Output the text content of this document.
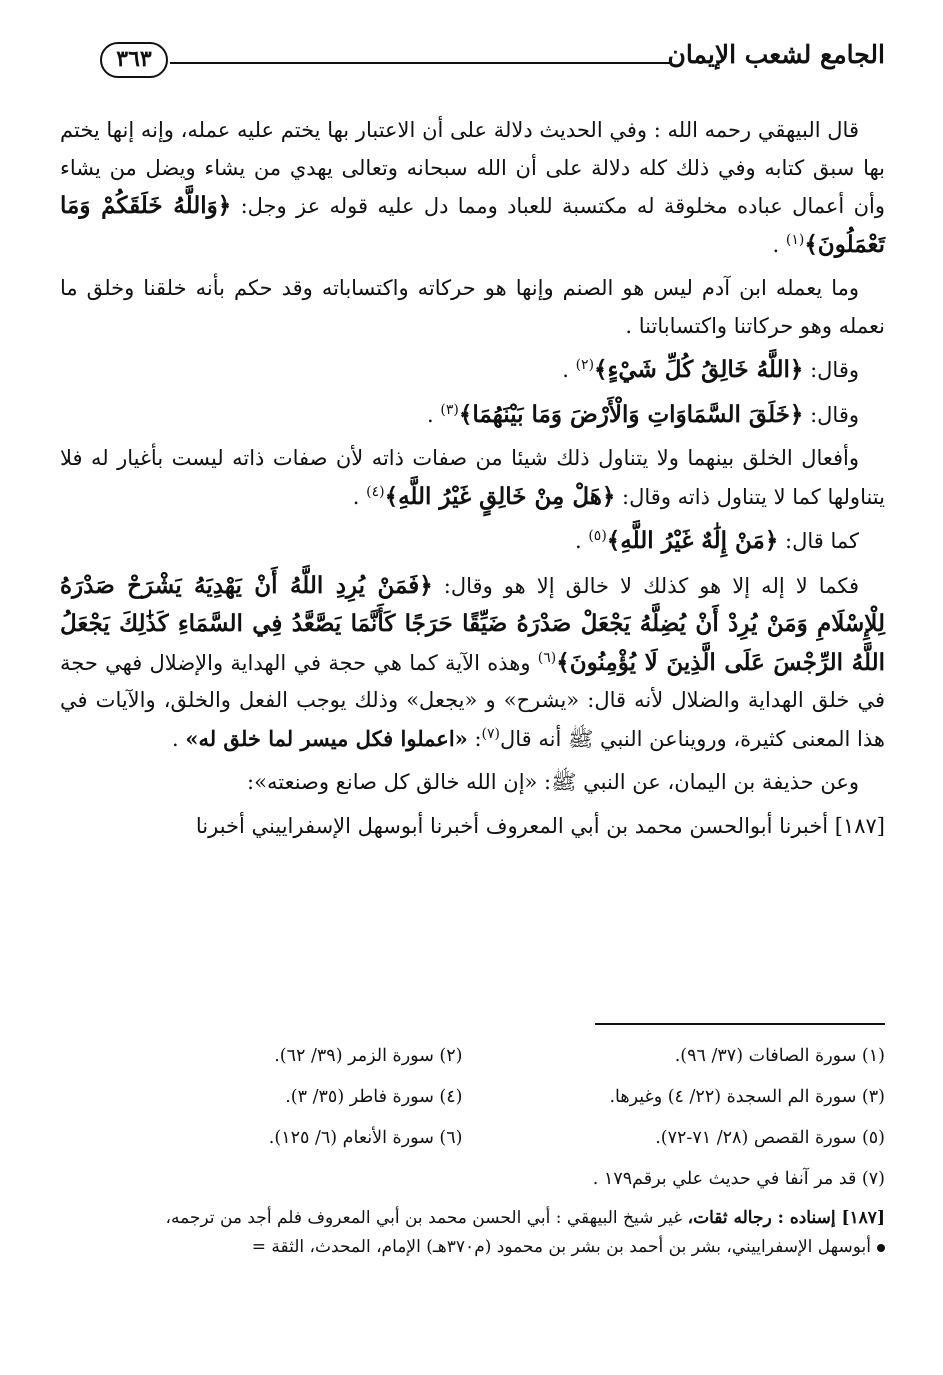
الجامع لشعب الإيمان
٣٦٣

قال البيهقي رحمه الله : وفي الحديث دلالة على أن الاعتبار بها يختم عليه عمله، وإنه إنها يختم بها سبق كتابه وفي ذلك كله دلالة على أن الله سبحانه وتعالى يهدي من يشاء ويضل من يشاء وأن أعمال عباده مخلوقة له مكتسبة للعباد ومما دل عليه قوله عز وجل: ﴿وَاللَّهُ خَلَقَكُمْ وَمَا تَعْمَلُونَ﴾$^{(١)}$ .

وما يعمله ابن آدم ليس هو الصنم وإنها هو حركاته واكتساباته وقد حكم بأنه خلقنا وخلق ما نعمله وهو حركاتنا واكتساباتنا .

وقال: ﴿اللَّهُ خَالِقُ كُلِّ شَيْءٍ﴾$^{(٢)}$ .

وقال: ﴿خَلَقَ السَّمَاوَاتِ وَالْأَرْضَ وَمَا بَيْنَهُمَا﴾$^{(٣)}$ .

وأفعال الخلق بينهما ولا يتناول ذلك شيئا من صفات ذاته لأن صفات ذاته ليست بأغيار له فلا يتناولها كما لا يتناول ذاته وقال: ﴿هَلْ مِنْ خَالِقٍ غَيْرُ اللَّهِ﴾$^{(٤)}$ .

كما قال: ﴿مَنْ إِلَٰهٌ غَيْرُ اللَّهِ﴾$^{(٥)}$ .

فكما لا إله إلا هو كذلك لا خالق إلا هو وقال: ﴿فَمَنْ يُرِدِ اللَّهُ أَنْ يَهْدِيَهُ يَشْرَحْ صَدْرَهُ لِلْإِسْلَامِ وَمَنْ يُرِدْ أَنْ يُضِلَّهُ يَجْعَلْ صَدْرَهُ ضَيِّقًا حَرَجًا كَأَنَّمَا يَصَّعَّدُ فِي السَّمَاءِ كَذَٰلِكَ يَجْعَلُ اللَّهُ الرِّجْسَ عَلَى الَّذِينَ لَا يُؤْمِنُونَ﴾$^{(٦)}$ وهذه الآية كما هي حجة في الهداية والإضلال فهي حجة في خلق الهداية والضلال لأنه قال: «يشرح» و «يجعل» وذلك يوجب الفعل والخلق، والآيات في هذا المعنى كثيرة، ورويناعن النبي ﷺ أنه قال$^{(٧)}$: «اعملوا فكل ميسر لما خلق له» .

وعن حذيفة بن اليمان، عن النبي ﷺ: «إن الله خالق كل صانع وصنعته»:

[١٨٧] أخبرنا أبوالحسن محمد بن أبي المعروف أخبرنا أبوسهل الإسفراييني أخبرنا

(١) سورة الصافات (٣٧/ ٩٦).
(٢) سورة الزمر (٣٩/ ٦٢).
(٣) سورة الم السجدة (٢٢/ ٤) وغيرها.
(٤) سورة فاطر (٣٥/ ٣).
(٥) سورة القصص (٢٨/ ٧١-٧٢).
(٦) سورة الأنعام (٦/ ١٢٥).
(٧) قد مر آنفا في حديث علي برقم١٧٩ .
[١٨٧] إسناده : رجاله ثقات، غير شيخ البيهقي : أبي الحسن محمد بن أبي المعروف فلم أجد من ترجمه،
أبوسهل الإسفراييني، بشر بن أحمد بن بشر بن محمود (م٣٧٠هـ) الإمام، المحدث، الثقة =
